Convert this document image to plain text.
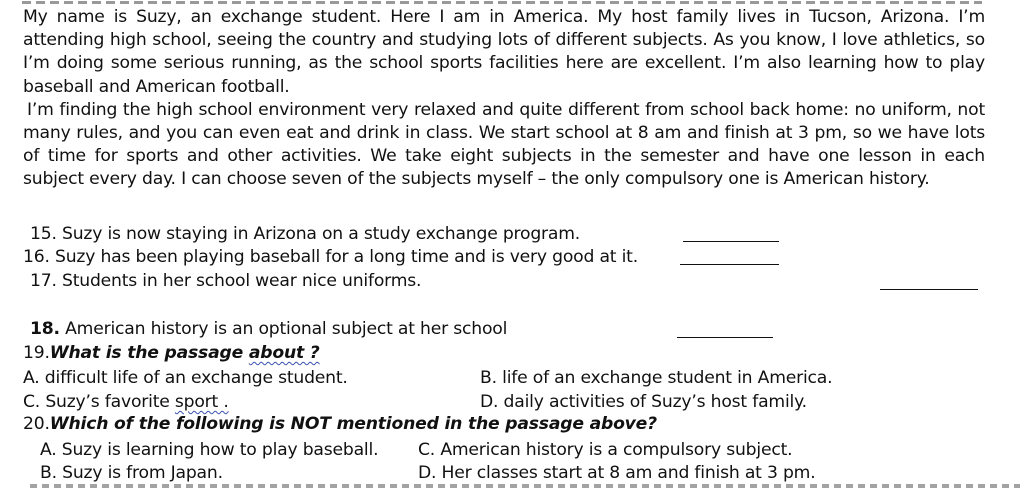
My name is Suzy, an exchange student. Here I am in America. My host family lives in Tucson, Arizona. I’m attending high school, seeing the country and studying lots of different subjects. As you know, I love athletics, so I’m doing some serious running, as the school sports facilities here are excellent. I’m also learning how to play baseball and American football.

I’m finding the high school environment very relaxed and quite different from school back home: no uniform, not many rules, and you can even eat and drink in class. We start school at 8 am and finish at 3 pm, so we have lots of time for sports and other activities. We take eight subjects in the semester and have one lesson in each subject every day. I can choose seven of the subjects myself – the only compulsory one is American history.

15. Suzy is now staying in Arizona on a study exchange program.
16. Suzy has been playing baseball for a long time and is very good at it.
17. Students in her school wear nice uniforms.
18. American history is an optional subject at her school
19.What is the passage about ?
A. difficult life of an exchange student.	B. life of an exchange student in America.
C. Suzy’s favorite sport .	D. daily activities of Suzy’s host family.
20.Which of the following is NOT mentioned in the passage above?
A. Suzy is learning how to play baseball. C. American history is a compulsory subject.
B. Suzy is from Japan.	D. Her classes start at 8 am and finish at 3 pm.
